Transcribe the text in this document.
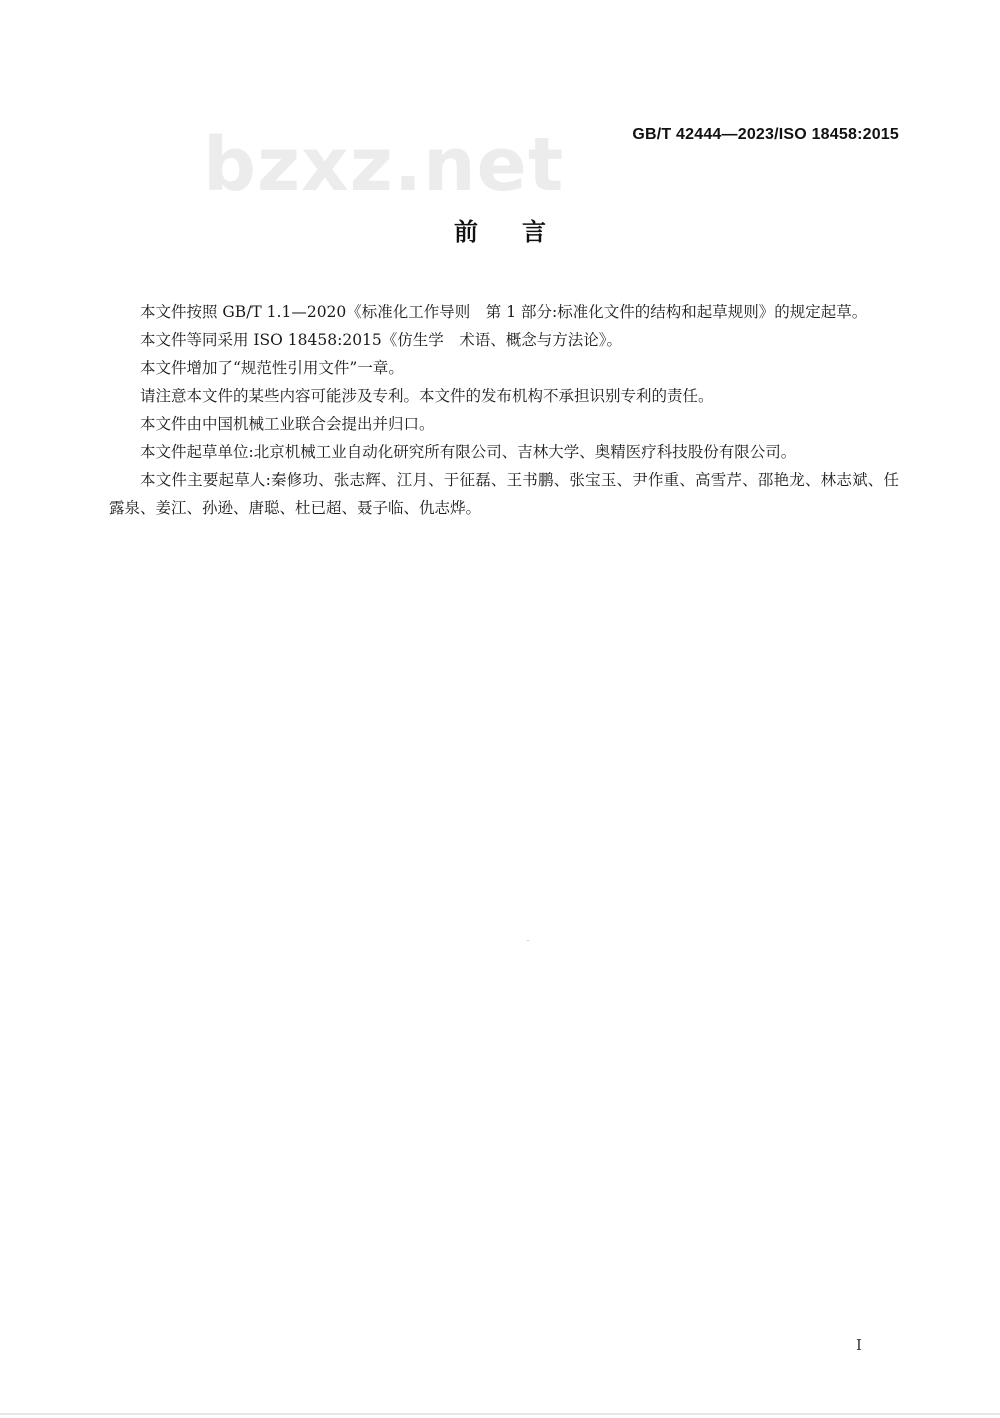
GB/T 42444—2023/ISO 18458:2015
bzxz.net
前言

本文件按照 GB/T 1.1—2020《标准化工作导则　第 1 部分:标准化文件的结构和起草规则》的规定起草。

本文件等同采用 ISO 18458:2015《仿生学　术语、概念与方法论》。

本文件增加了“规范性引用文件”一章。

请注意本文件的某些内容可能涉及专利。本文件的发布机构不承担识别专利的责任。

本文件由中国机械工业联合会提出并归口。

本文件起草单位:北京机械工业自动化研究所有限公司、吉林大学、奥精医疗科技股份有限公司。

本文件主要起草人:秦修功、张志辉、江月、于征磊、王书鹏、张宝玉、尹作重、高雪芹、邵艳龙、林志斌、任露泉、姜江、孙逊、唐聪、杜已超、聂子临、仇志烨。

I
